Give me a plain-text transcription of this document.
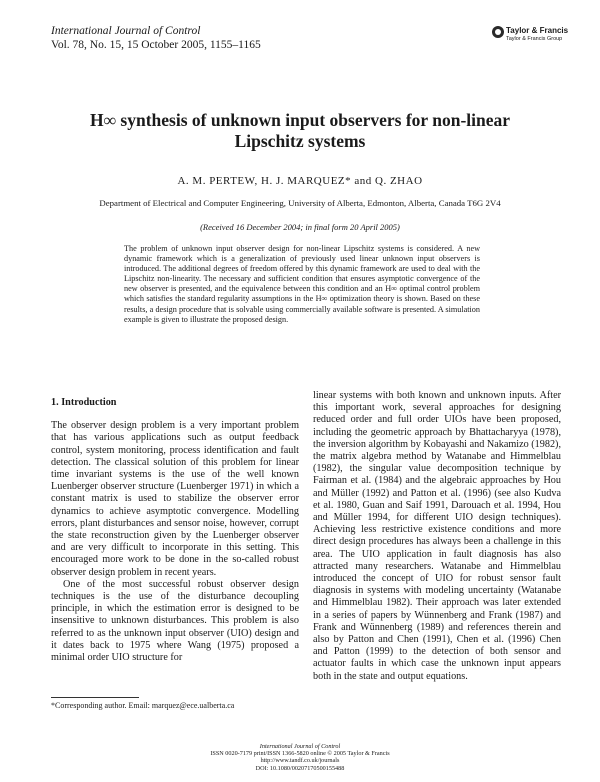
International Journal of Control
Vol. 78, No. 15, 15 October 2005, 1155–1165
Taylor & Francis
Taylor & Francis Group
H∞ synthesis of unknown input observers for non-linear
Lipschitz systems
A. M. PERTEW, H. J. MARQUEZ* and Q. ZHAO
Department of Electrical and Computer Engineering, University of Alberta, Edmonton, Alberta, Canada T6G 2V4
(Received 16 December 2004; in final form 20 April 2005)
The problem of unknown input observer design for non-linear Lipschitz systems is considered. A new dynamic framework which is a generalization of previously used linear unknown input observers is introduced. The additional degrees of freedom offered by this dynamic framework are used to deal with the Lipschitz non-linearity. The necessary and sufficient condition that ensures asymptotic convergence of the new observer is presented, and the equivalence between this condition and an H∞ optimal control problem which satisfies the standard regularity assumptions in the H∞ optimization theory is shown. Based on these results, a design procedure that is solvable using commercially available software is presented. A simulation example is given to illustrate the proposed design.
1. Introduction

The observer design problem is a very important problem that has various applications such as output feedback control, system monitoring, process identification and fault detection. The classical solution of this problem for linear time invariant systems is the use of the well known Luenberger observer structure (Luenberger 1971) in which a constant matrix is used to stabilize the observer error dynamics to achieve asymptotic convergence. Modelling errors, plant disturbances and sensor noise, however, corrupt the state reconstruction given by the Luenberger observer and are very difficult to incorporate in this setting. This encouraged more work to be done in the so-called robust observer design problem in recent years.

One of the most successful robust observer design techniques is the use of the disturbance decoupling principle, in which the estimation error is designed to be insensitive to unknown disturbances. This problem is also referred to as the unknown input observer (UIO) design and it dates back to 1975 where Wang (1975) proposed a minimal order UIO structure for

linear systems with both known and unknown inputs. After this important work, several approaches for designing reduced order and full order UIOs have been proposed, including the geometric approach by Bhattacharyya (1978), the inversion algorithm by Kobayashi and Nakamizo (1982), the matrix algebra method by Watanabe and Himmelblau (1982), the singular value decomposition technique by Fairman et al. (1984) and the algebraic approaches by Hou and Müller (1992) and Patton et al. (1996) (see also Kudva et al. 1980, Guan and Saif 1991, Darouach et al. 1994, Hou and Müller 1994, for different UIO design techniques). Achieving less restrictive existence conditions and more direct design procedures has always been a challenge in this area. The UIO application in fault diagnosis has also attracted many researchers. Watanabe and Himmelblau introduced the concept of UIO for robust sensor fault diagnosis in systems with modeling uncertainty (Watanabe and Himmelblau 1982). Their approach was later extended in a series of papers by Wünnenberg and Frank (1987) and Frank and Wünnenberg (1989) and references therein and also by Patton and Chen (1991), Chen et al. (1996) Chen and Patton (1999) to the detection of both sensor and actuator faults in which case the unknown input appears both in the state and output equations.

*Corresponding author. Email: marquez@ece.ualberta.ca
International Journal of Control
ISSN 0020-7179 print/ISSN 1366-5820 online © 2005 Taylor & Francis
http://www.tandf.co.uk/journals
DOI: 10.1080/00207170500155488
